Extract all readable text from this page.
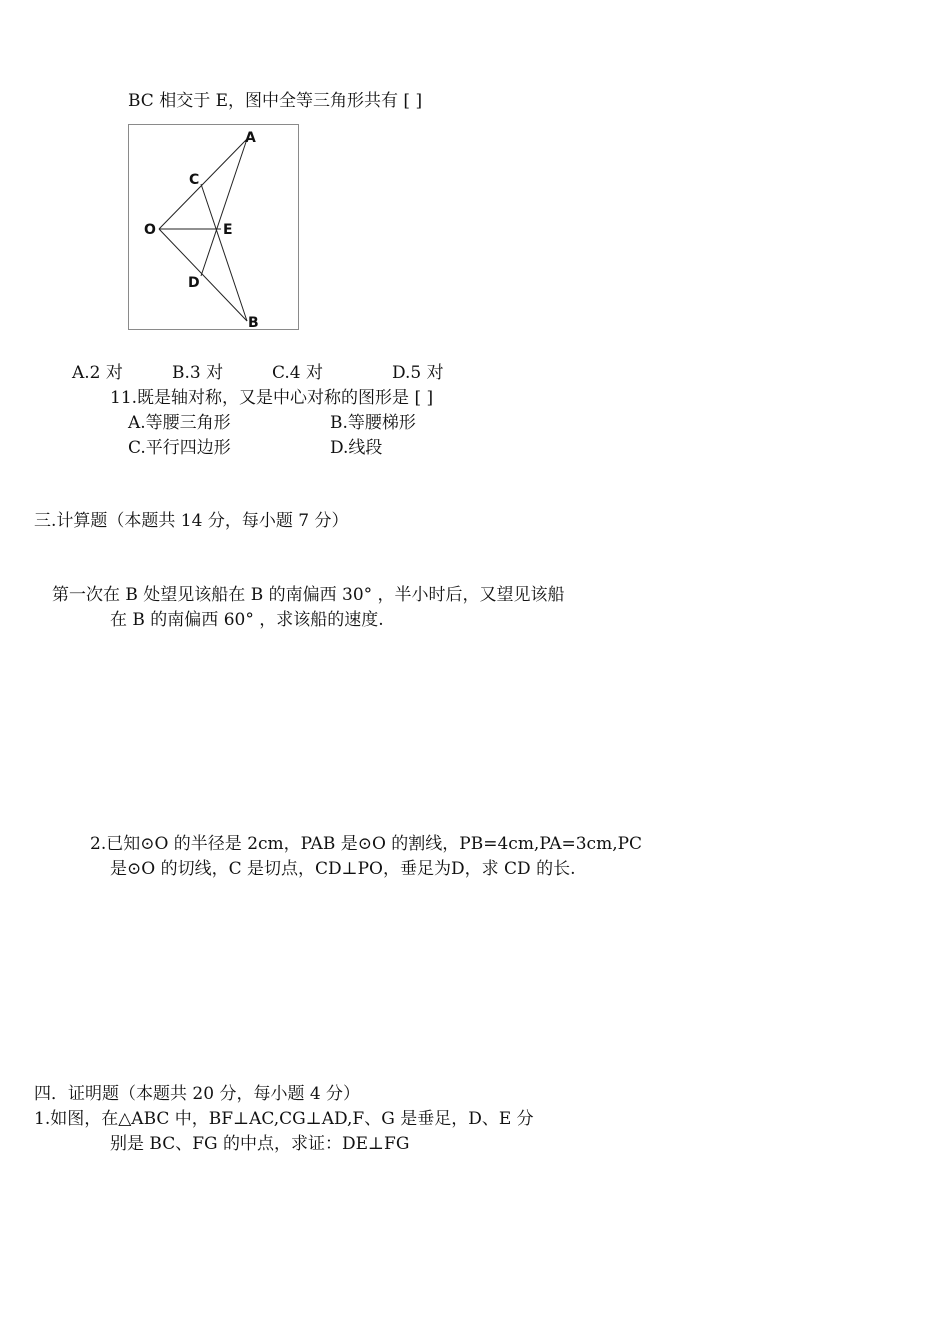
BC 相交于 E，图中全等三角形共有 [ ]
A
C
O	E
D
B
A.2 对	B.3 对	C.4 对	D.5 对
11.既是轴对称，又是中心对称的图形是 [ ]
A.等腰三角形	B.等腰梯形
C.平行四边形	D.线段
三.计算题（本题共 14 分，每小题 7 分）
第一次在 B 处望见该船在 B 的南偏西 30° ，半小时后，又望见该船
在 B 的南偏西 60° ，求该船的速度.
2.已知⊙O 的半径是 2cm，PAB 是⊙O 的割线，PB=4cm,PA=3cm,PC
是⊙O 的切线，C 是切点，CD⊥PO，垂足为D，求 CD 的长.
四．证明题（本题共 20 分，每小题 4 分）
1.如图，在△ABC 中，BF⊥AC,CG⊥AD,F、G 是垂足，D、E 分
别是 BC、FG 的中点，求证：DE⊥FG
